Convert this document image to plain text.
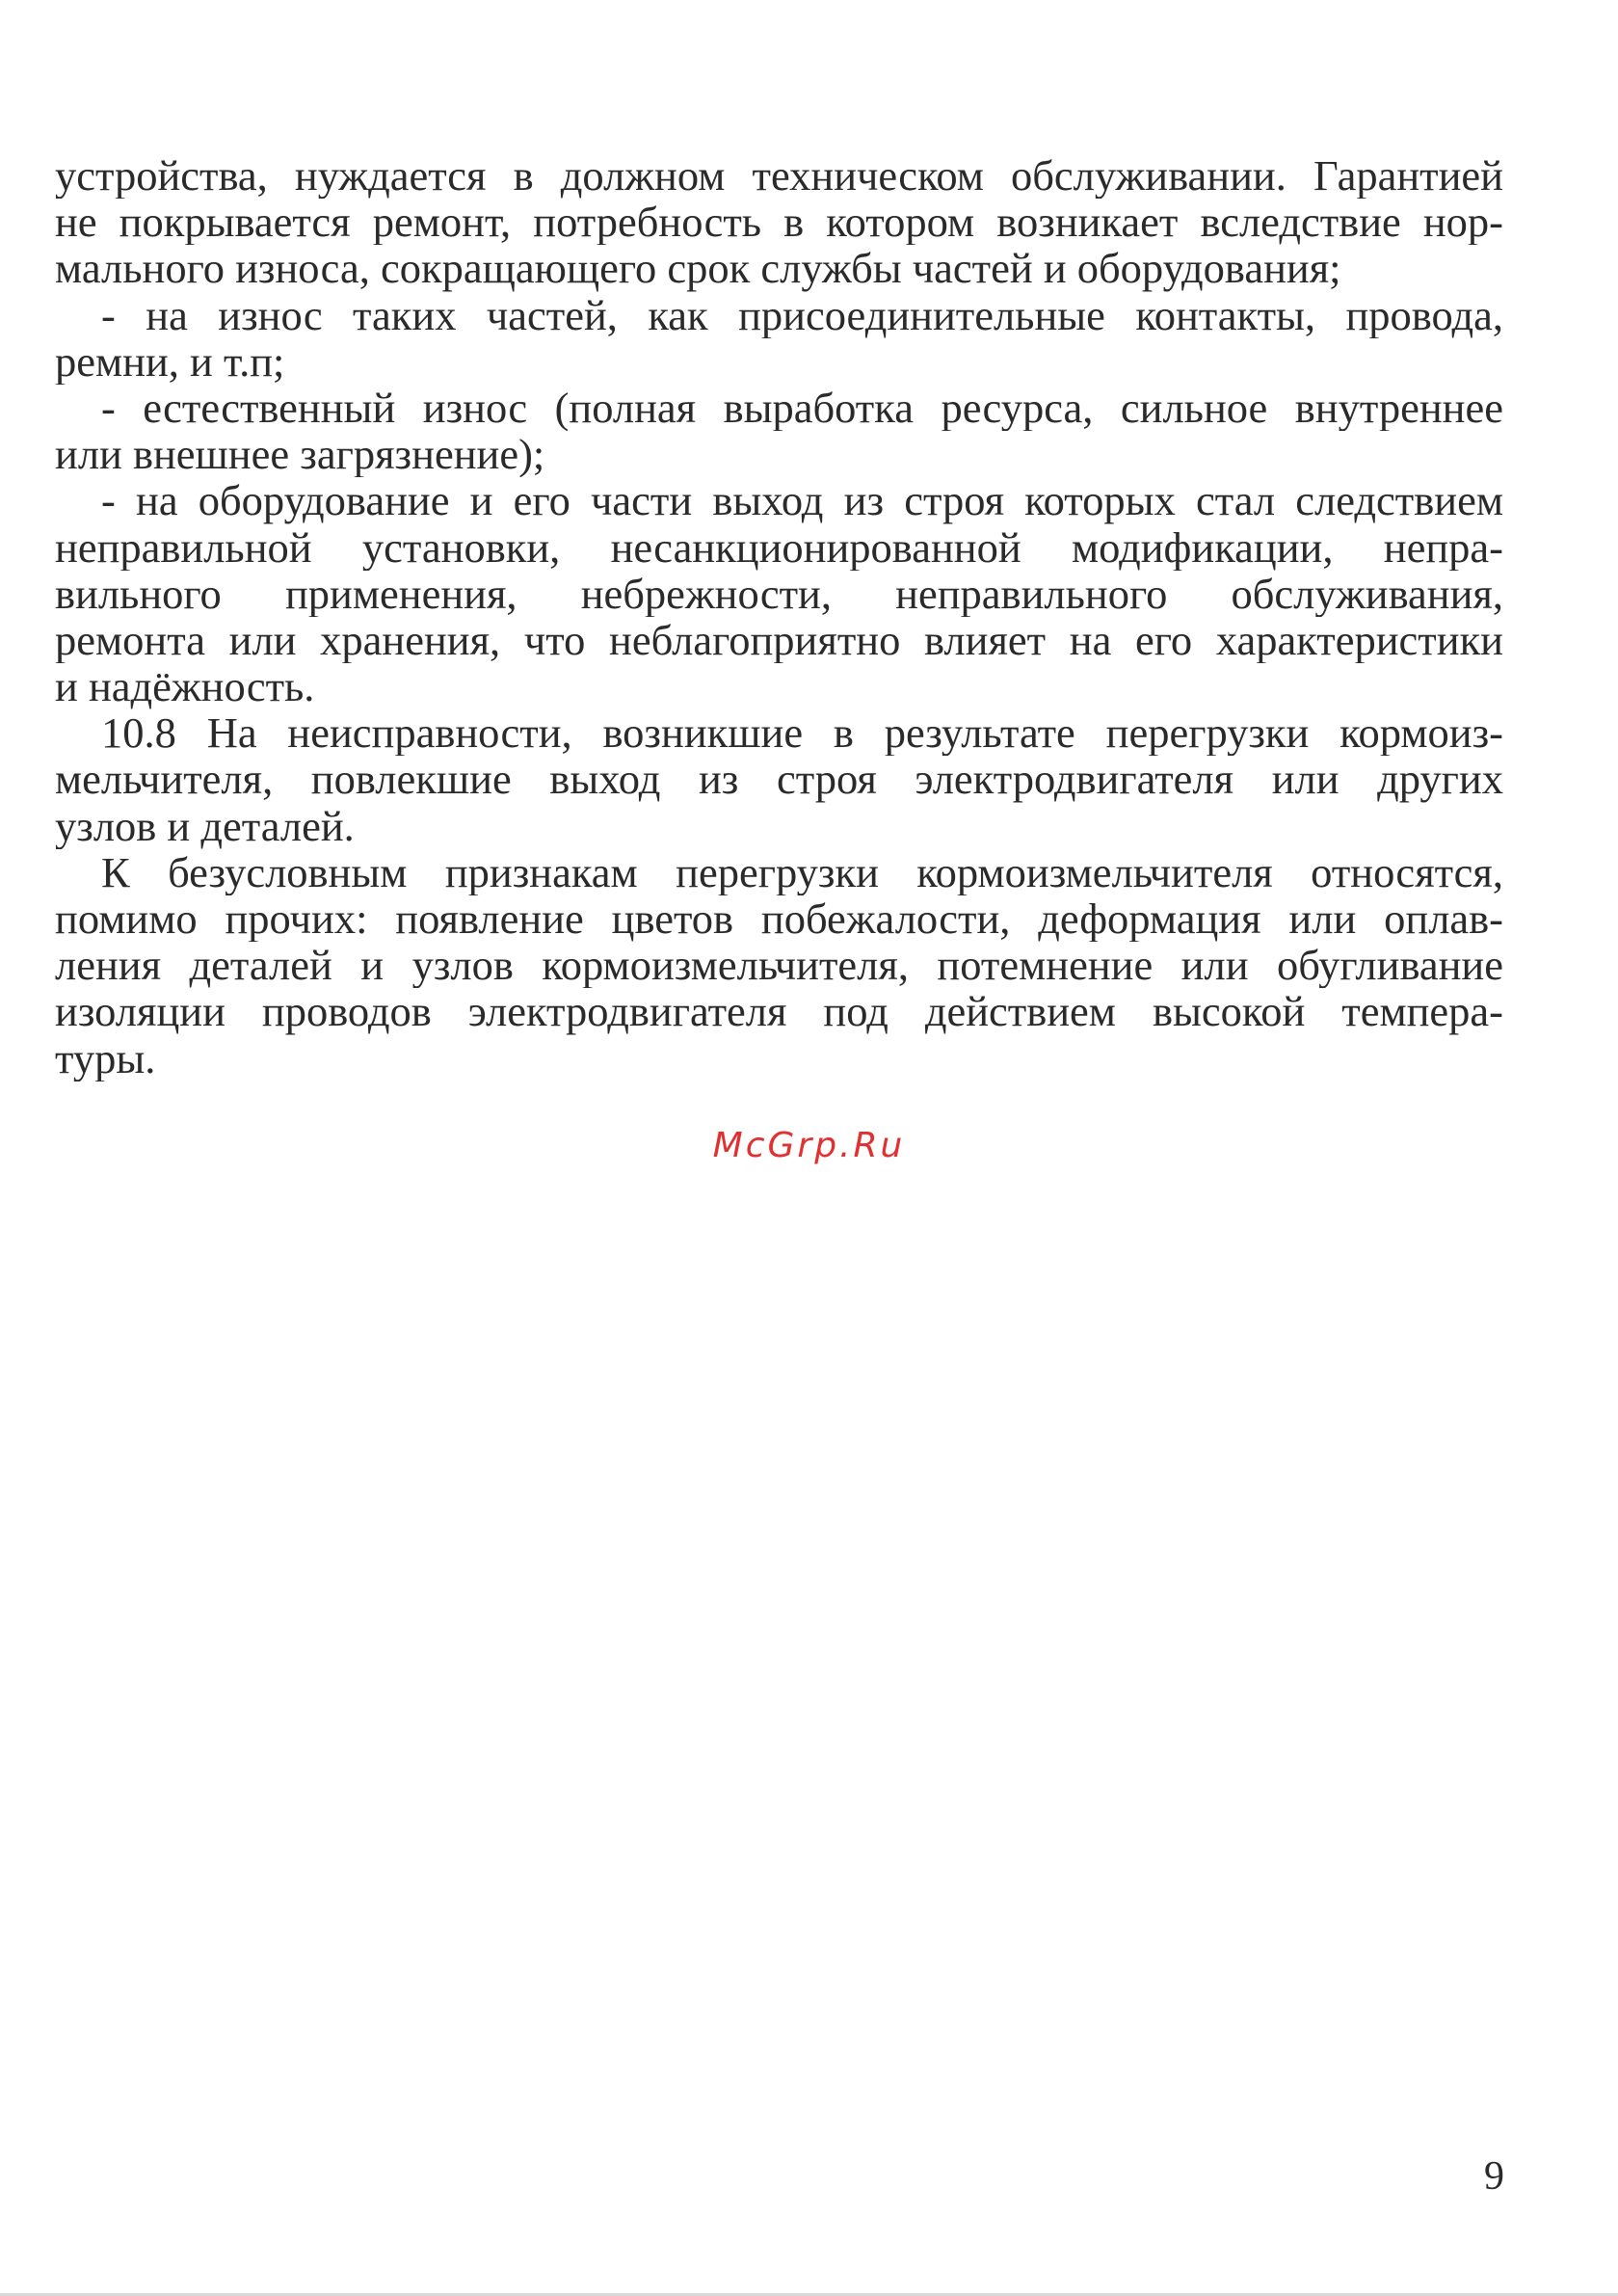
устройства, нуждается в должном техническом обслуживании. Гарантией
не покрывается ремонт, потребность в котором возникает вследствие нор-
мального износа, сокращающего срок службы частей и оборудования;
- на износ таких частей, как присоединительные контакты, провода,
ремни, и т.п;
- естественный износ (полная выработка ресурса, сильное внутреннее
или внешнее загрязнение);
- на оборудование и его части выход из строя которых стал следствием
неправильной установки, несанкционированной модификации, непра-
вильного применения, небрежности, неправильного обслуживания,
ремонта или хранения, что неблагоприятно влияет на его характеристики
и надёжность.
10.8 На неисправности, возникшие в результате перегрузки кормоиз-
мельчителя, повлекшие выход из строя электродвигателя или других
узлов и деталей.
К безусловным признакам перегрузки кормоизмельчителя относятся,
помимо прочих: появление цветов побежалости, деформация или оплав-
ления деталей и узлов кормоизмельчителя, потемнение или обугливание
изоляции проводов электродвигателя под действием высокой темпера-
туры.
McGrp.Ru
9
